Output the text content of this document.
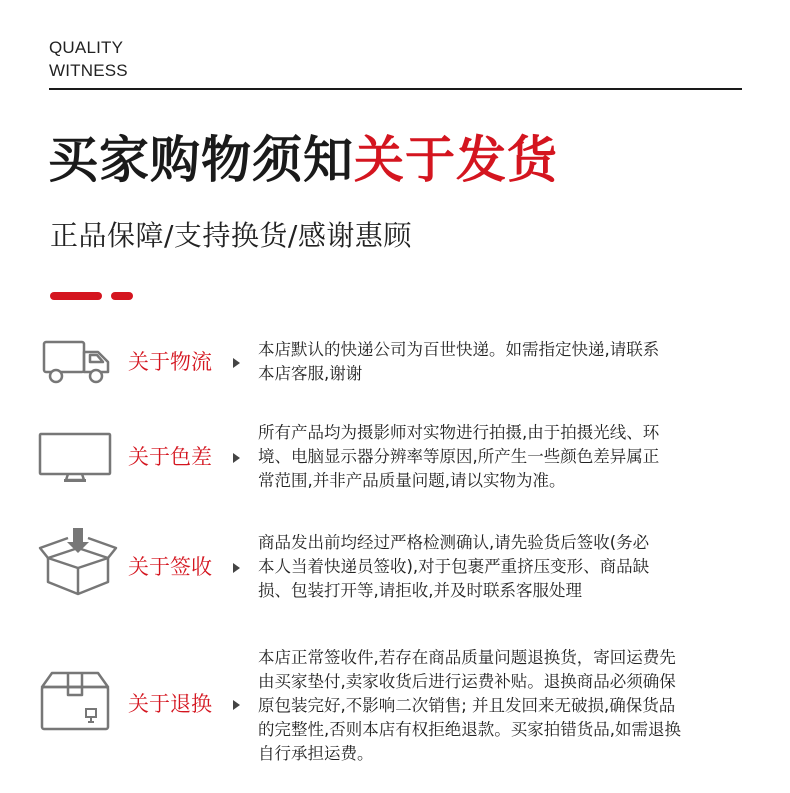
QUALITY
WITNESS
买家购物须知关于发货
正品保障/支持换货/感谢惠顾
关于物流
本店默认的快递公司为百世快递。如需指定快递,请联系
本店客服,谢谢
关于色差
所有产品均为摄影师对实物进行拍摄,由于拍摄光线、环
境、电脑显示器分辨率等原因,所产生一些颜色差异属正
常范围,并非产品质量问题,请以实物为准。
关于签收
商品发出前均经过严格检测确认,请先验货后签收(务必
本人当着快递员签收),对于包裹严重挤压变形、商品缺
损、包装打开等,请拒收,并及时联系客服处理
关于退换
本店正常签收件,若存在商品质量问题退换货，寄回运费先
由买家垫付,卖家收货后进行运费补贴。退换商品必须确保
原包装完好,不影响二次销售; 并且发回来无破损,确保货品
的完整性,否则本店有权拒绝退款。买家拍错货品,如需退换
自行承担运费。
